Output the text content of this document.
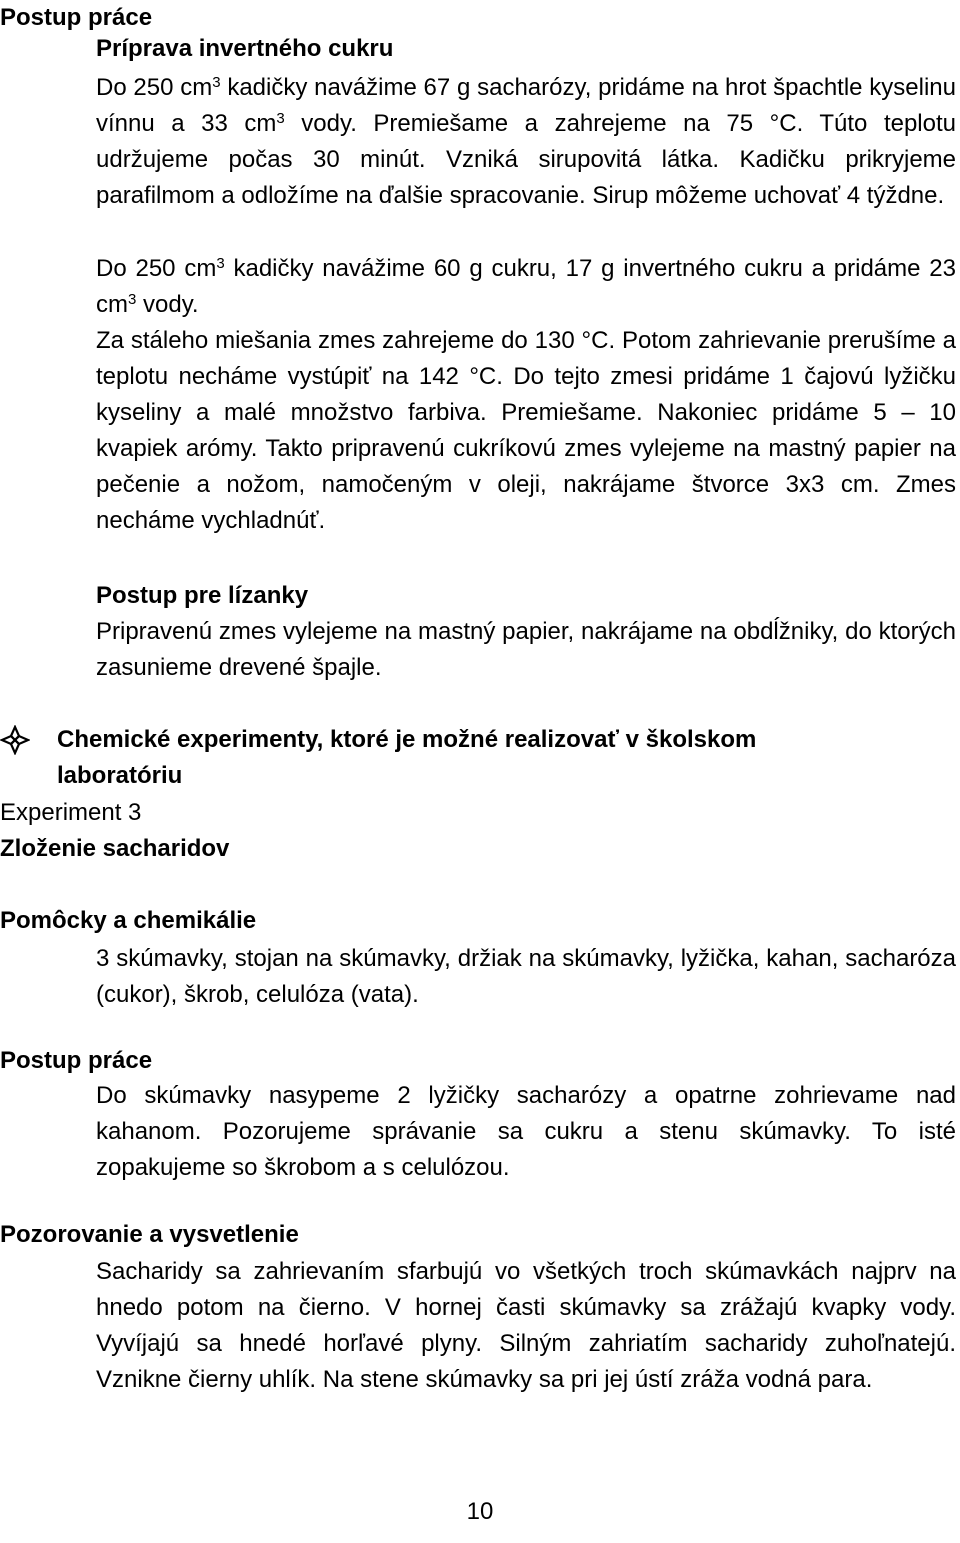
Postup práce
Príprava invertného cukru

Do 250 $cm^3$ kadičky navážime 67 g sacharózy, pridáme na hrot špachtle kyselinu vínnu a 33 $cm^3$ vody. Premiešame a zahrejeme na 75 °C. Túto teplotu udržujeme počas 30 minút. Vzniká sirupovitá látka. Kadičku prikryjeme parafilmom a odložíme na ďalšie spracovanie. Sirup môžeme uchovať 4 týždne.

Do 250 $cm^3$ kadičky navážime 60 g cukru, 17 g invertného cukru a pridáme 23 $cm^3$ vody.

Za stáleho miešania zmes zahrejeme do 130 °C. Potom zahrievanie prerušíme a teplotu necháme vystúpiť na 142 °C. Do tejto zmesi pridáme 1 čajovú lyžičku kyseliny a malé množstvo farbiva. Premiešame. Nakoniec pridáme 5 – 10 kvapiek arómy. Takto pripravenú cukríkovú zmes vylejeme na mastný papier na pečenie a nožom, namočeným v oleji, nakrájame štvorce 3x3 cm. Zmes necháme vychladnúť.

Postup pre lízanky

Pripravenú zmes vylejeme na mastný papier, nakrájame na obdĺžniky, do ktorých zasunieme drevené špajle.

Chemické experimenty, ktoré je možné realizovať v školskom laboratóriu
Experiment 3
Zloženie sacharidov
Pomôcky a chemikálie

3 skúmavky, stojan na skúmavky, držiak na skúmavky, lyžička, kahan, sacharóza (cukor), škrob, celulóza (vata).

Postup práce

Do skúmavky nasypeme 2 lyžičky sacharózy a opatrne zohrievame nad kahanom. Pozorujeme správanie sa cukru a stenu skúmavky. To isté zopakujeme so škrobom a s celulózou.

Pozorovanie a vysvetlenie

Sacharidy sa zahrievaním sfarbujú vo všetkých troch skúmavkách najprv na hnedo potom na čierno. V hornej časti skúmavky sa zrážajú kvapky vody. Vyvíjajú sa hnedé horľavé plyny. Silným zahriatím sacharidy zuhoľnatejú. Vznikne čierny uhlík. Na stene skúmavky sa pri jej ústí zráža vodná para.

10
